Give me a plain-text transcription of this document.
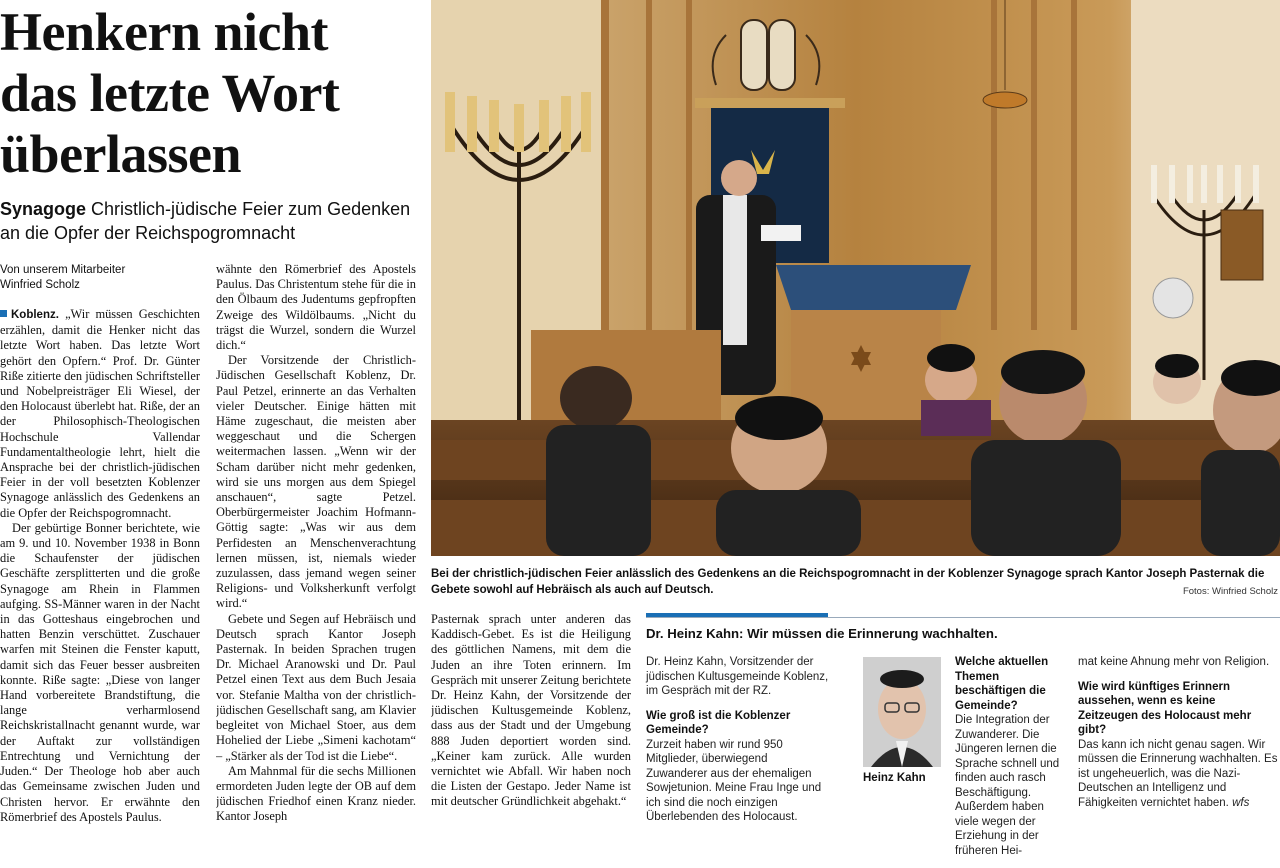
Henkern nicht
das letzte Wort
überlassen
Synagoge Christlich-jüdische Feier zum Gedenken an die Opfer der Reichspogromnacht
Von unserem Mitarbeiter
Winfried Scholz

Koblenz. „Wir müssen Geschichten erzählen, damit die Henker nicht das letzte Wort haben. Das letzte Wort gehört den Opfern.“ Prof. Dr. Günter Riße zitierte den jüdischen Schriftsteller und Nobelpreisträger Eli Wiesel, der den Holocaust überlebt hat. Riße, der an der Philosophisch-Theologischen Hochschule Vallendar Fundamentaltheologie lehrt, hielt die Ansprache bei der christlich-jüdischen Feier in der voll besetzten Koblenzer Synagoge anlässlich des Gedenkens an die Opfer der Reichspogromnacht.

Der gebürtige Bonner berichtete, wie am 9. und 10. November 1938 in Bonn die Schaufenster der jüdischen Geschäfte zersplitterten und die große Synagoge am Rhein in Flammen aufging. SS-Männer waren in der Nacht in das Gotteshaus eingebrochen und hatten Benzin verschüttet. Zuschauer warfen mit Steinen die Fenster kaputt, damit sich das Feuer besser ausbreiten konnte. Riße sagte: „Diese von langer Hand vorbereitete Brandstiftung, die lange verharmlosend Reichskristallnacht genannt wurde, war der Auftakt zur vollständigen Entrechtung und Vernichtung der Juden.“ Der Theologe hob aber auch das Gemeinsame zwischen Juden und Christen hervor. Er erwähnte den Römerbrief des Apostels Paulus.

wähnte den Römerbrief des Apostels Paulus. Das Christentum stehe für die in den Ölbaum des Judentums gepfropften Zweige des Wildölbaums. „Nicht du trägst die Wurzel, sondern die Wurzel dich.“

Der Vorsitzende der Christlich-Jüdischen Gesellschaft Koblenz, Dr. Paul Petzel, erinnerte an das Verhalten vieler Deutscher. Einige hätten mit Häme zugeschaut, die meisten aber weggeschaut und die Schergen weitermachen lassen. „Wenn wir der Scham darüber nicht mehr gedenken, wird sie uns morgen aus dem Spiegel anschauen“, sagte Petzel. Oberbürgermeister Joachim Hofmann-Göttig sagte: „Was wir aus dem Perfidesten an Menschenverachtung lernen müssen, ist, niemals wieder zuzulassen, dass jemand wegen seiner Religions- und Volksherkunft verfolgt wird.“

Gebete und Segen auf Hebräisch und Deutsch sprach Kantor Joseph Pasternak. In beiden Sprachen trugen Dr. Michael Aranowski und Dr. Paul Petzel einen Text aus dem Buch Jesaia vor. Stefanie Maltha von der christlich-jüdischen Gesellschaft sang, am Klavier begleitet von Michael Stoer, aus dem Hohelied der Liebe „Simeni kachotam“ – „Stärker als der Tod ist die Liebe“.

Am Mahnmal für die sechs Millionen ermordeten Juden legte der OB auf dem jüdischen Friedhof einen Kranz nieder. Kantor Joseph

Pasternak sprach unter anderen das Kaddisch-Gebet. Es ist die Heiligung des göttlichen Namens, mit dem die Juden an ihre Toten erinnern. Im Gespräch mit unserer Zeitung berichtete Dr. Heinz Kahn, der Vorsitzende der jüdischen Kultusgemeinde Koblenz, dass aus der Stadt und der Umgebung 888 Juden deportiert worden sind. „Keiner kam zurück. Alle wurden vernichtet wie Abfall. Wir haben noch die Listen der Gestapo. Jeder Name ist mit deutscher Gründlichkeit abgehakt.“

Bei der christlich-jüdischen Feier anlässlich des Gedenkens an die Reichspogromnacht in der Koblenzer Synagoge sprach Kantor Joseph Pasternak die Gebete sowohl auf Hebräisch als auch auf Deutsch.	Fotos: Winfried Scholz
Dr. Heinz Kahn: Wir müssen die Erinnerung wachhalten.

Dr. Heinz Kahn, Vorsitzender der jüdischen Kultusgemeinde Koblenz, im Gespräch mit der RZ.

Wie groß ist die Koblenzer Gemeinde?

Zurzeit haben wir rund 950 Mitglieder, überwiegend Zuwanderer aus der ehemaligen Sowjetunion. Meine Frau Inge und ich sind die noch einzigen Überlebenden des Holocaust.

Heinz Kahn

Welche aktuellen Themen beschäftigen die Gemeinde?

Die Integration der Zuwanderer. Die Jüngeren lernen die Sprache schnell und finden auch rasch Beschäftigung. Außerdem haben viele wegen der Erziehung in der früheren Hei-

mat keine Ahnung mehr von Religion.

Wie wird künftiges Erinnern aussehen, wenn es keine Zeitzeugen des Holocaust mehr gibt?

Das kann ich nicht genau sagen. Wir müssen die Erinnerung wachhalten. Es ist ungeheuerlich, was die Nazi-Deutschen an Intelligenz und Fähigkeiten vernichtet haben. wfs
